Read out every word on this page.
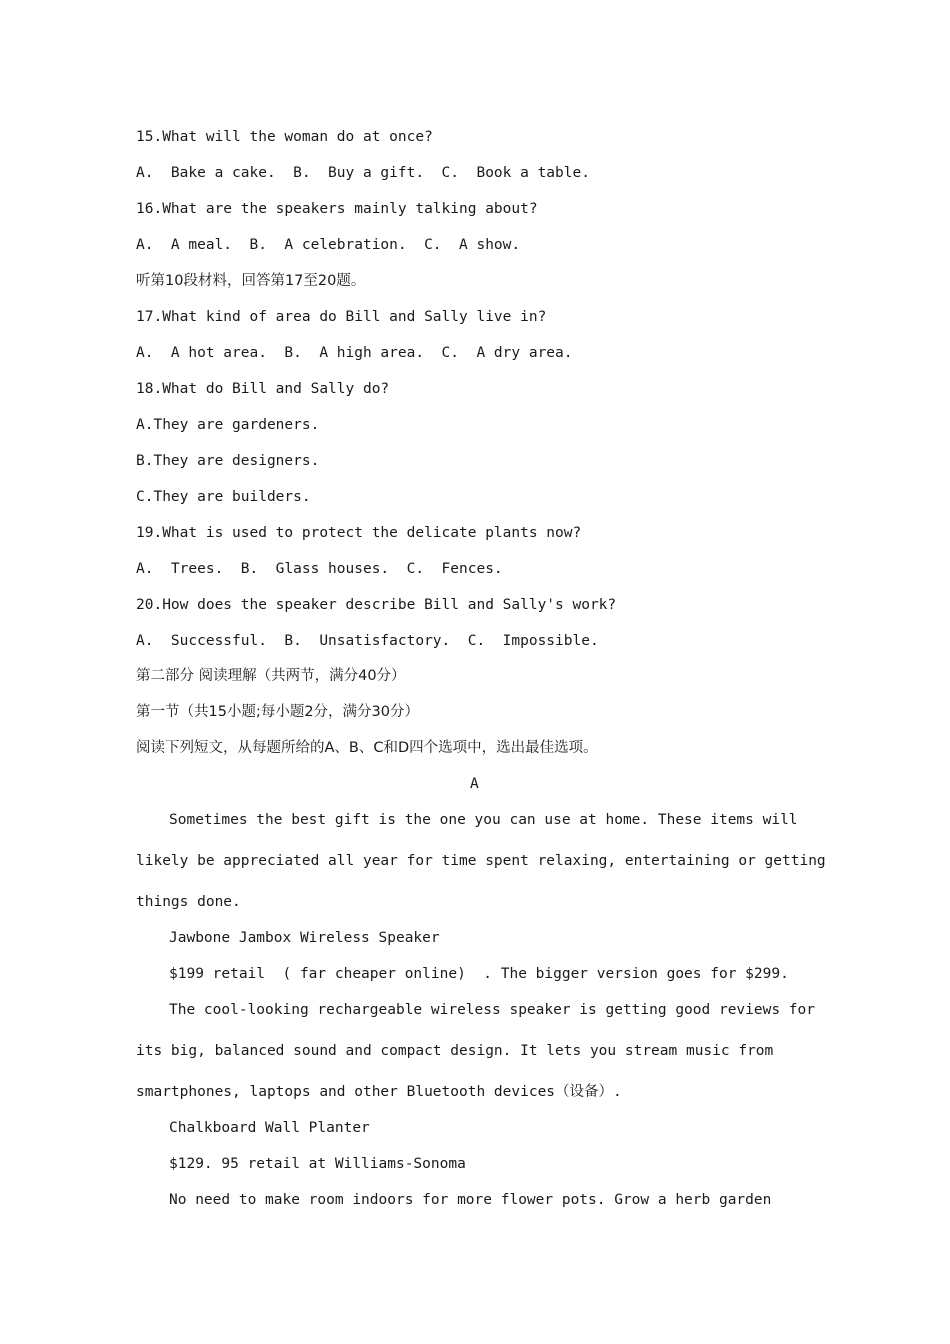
15.What will the woman do at once?
A.  Bake a cake.  B.  Buy a gift.  C.  Book a table.
16.What are the speakers mainly talking about?
A.  A meal.  B.  A celebration.  C.  A show.
听第10段材料，回答第17至20题。
17.What kind of area do Bill and Sally live in?
A.  A hot area.  B.  A high area.  C.  A dry area.
18.What do Bill and Sally do?
A.They are gardeners.
B.They are designers.
C.They are builders.
19.What is used to protect the delicate plants now?
A.  Trees.  B.  Glass houses.  C.  Fences.
20.How does the speaker describe Bill and Sally's work?
A.  Successful.  B.  Unsatisfactory.  C.  Impossible.
第二部分 阅读理解（共两节，满分40分）
第一节（共15小题;每小题2分，满分30分）
阅读下列短文，从每题所给的A、B、C和D四个选项中，选出最佳选项。
A
Sometimes the best gift is the one you can use at home. These items will
likely be appreciated all year for time spent relaxing, entertaining or getting
things done.
Jawbone Jambox Wireless Speaker
$199 retail  ( far cheaper online)  . The bigger version goes for $299.
The cool-looking rechargeable wireless speaker is getting good reviews for
its big, balanced sound and compact design. It lets you stream music from
smartphones, laptops and other Bluetooth devices（设备）.
Chalkboard Wall Planter
$129. 95 retail at Williams-Sonoma
No need to make room indoors for more flower pots. Grow a herb garden
